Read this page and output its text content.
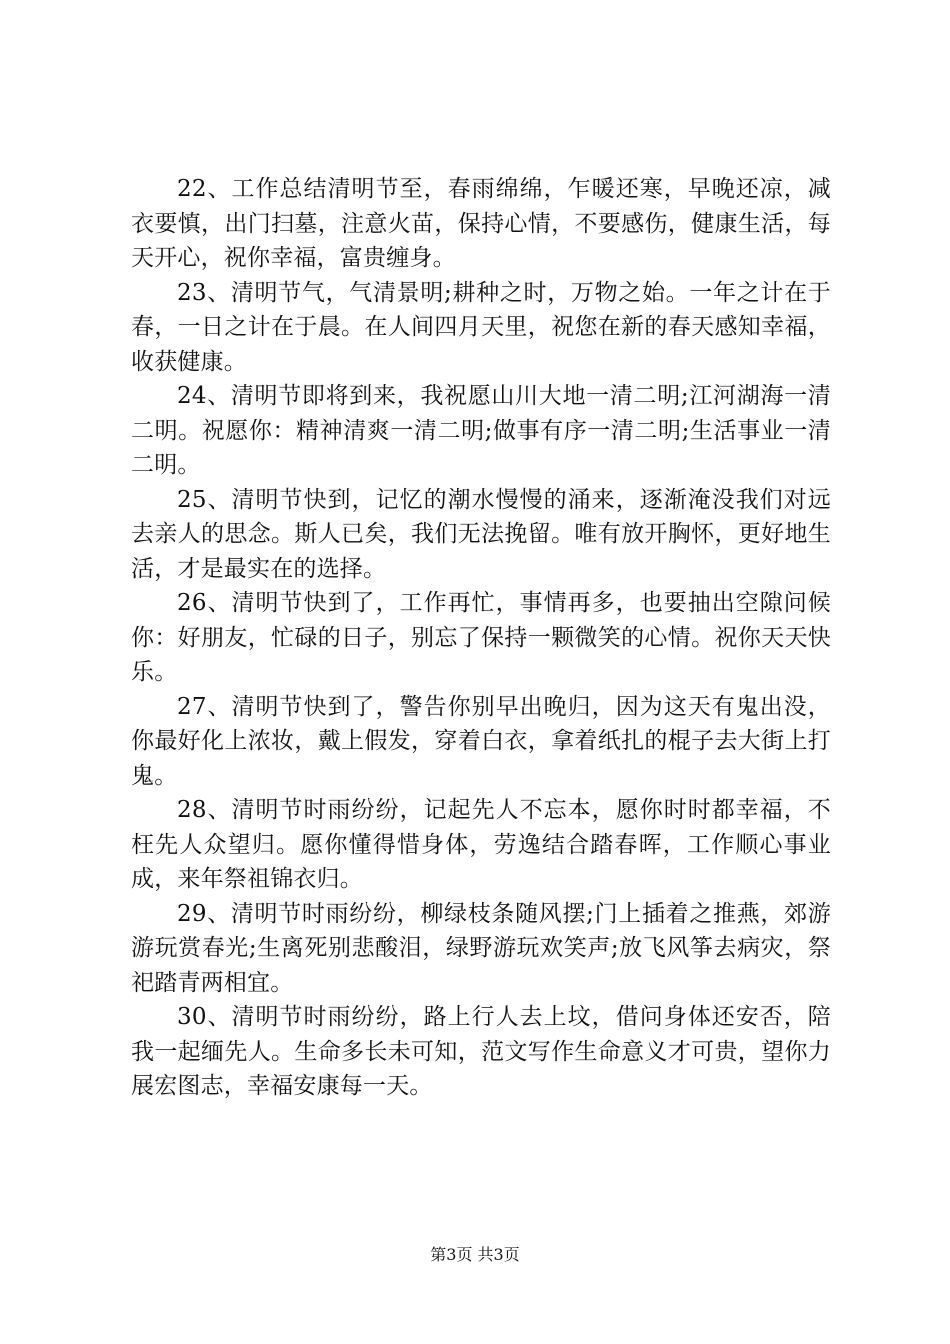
22、工作总结清明节至，春雨绵绵，乍暖还寒，早晚还凉，减衣要慎，出门扫墓，注意火苗，保持心情，不要感伤，健康生活，每天开心，祝你幸福，富贵缠身。

23、清明节气，气清景明;耕种之时，万物之始。一年之计在于春，一日之计在于晨。在人间四月天里，祝您在新的春天感知幸福，收获健康。

24、清明节即将到来，我祝愿山川大地一清二明;江河湖海一清二明。祝愿你：精神清爽一清二明;做事有序一清二明;生活事业一清二明。

25、清明节快到，记忆的潮水慢慢的涌来，逐渐淹没我们对远去亲人的思念。斯人已矣，我们无法挽留。唯有放开胸怀，更好地生活，才是最实在的选择。

26、清明节快到了，工作再忙，事情再多，也要抽出空隙问候你：好朋友，忙碌的日子，别忘了保持一颗微笑的心情。祝你天天快乐。

27、清明节快到了，警告你别早出晚归，因为这天有鬼出没，你最好化上浓妆，戴上假发，穿着白衣，拿着纸扎的棍子去大街上打鬼。

28、清明节时雨纷纷，记起先人不忘本，愿你时时都幸福，不枉先人众望归。愿你懂得惜身体，劳逸结合踏春晖，工作顺心事业成，来年祭祖锦衣归。

29、清明节时雨纷纷，柳绿枝条随风摆;门上插着之推燕，郊游游玩赏春光;生离死别悲酸泪，绿野游玩欢笑声;放飞风筝去病灾，祭祀踏青两相宜。

30、清明节时雨纷纷，路上行人去上坟，借问身体还安否，陪我一起缅先人。生命多长未可知，范文写作生命意义才可贵，望你力展宏图志，幸福安康每一天。

第3页 共3页
